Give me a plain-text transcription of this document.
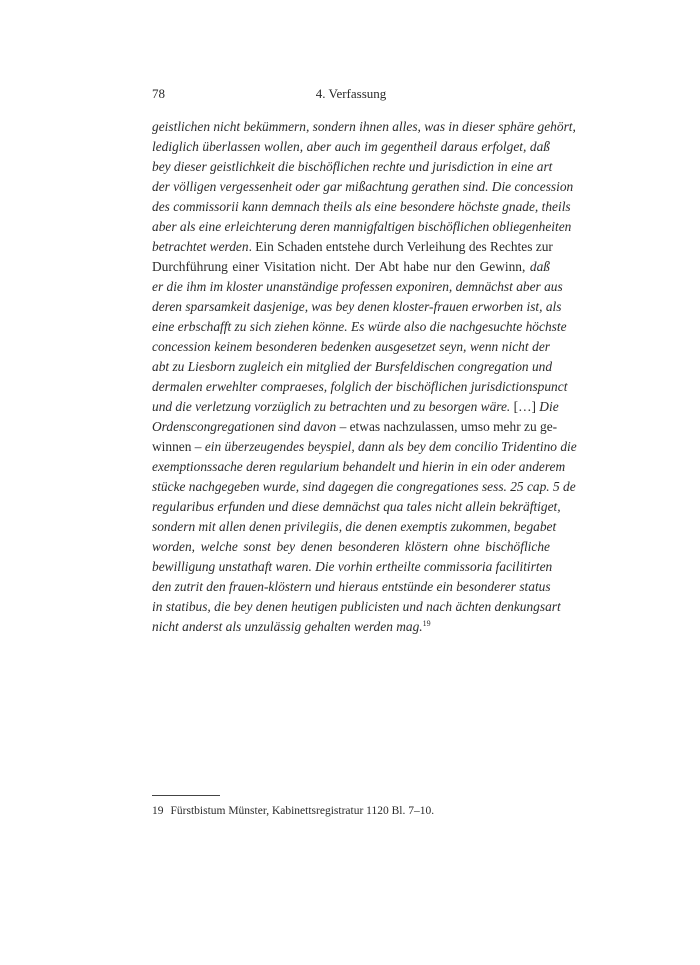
78	4. Verfassung
geistlichen nicht bekümmern, sondern ihnen alles, was in dieser sphäre gehört,
lediglich überlassen wollen, aber auch im gegentheil daraus erfolget, daß
bey dieser geistlichkeit die bischöflichen rechte und jurisdiction in eine art
der völligen vergessenheit oder gar mißachtung gerathen sind. Die concession
des commissorii kann demnach theils als eine besondere höchste gnade, theils
aber als eine erleichterung deren mannigfaltigen bischöflichen obliegenheiten
betrachtet werden. Ein Schaden entstehe durch Verleihung des Rechtes zur
Durchführung einer Visitation nicht. Der Abt habe nur den Gewinn, daß
er die ihm im kloster unanständige professen exponiren, demnächst aber aus
deren sparsamkeit dasjenige, was bey denen kloster-frauen erworben ist, als
eine erbschafft zu sich ziehen könne. Es würde also die nachgesuchte höchste
concession keinem besonderen bedenken ausgesetzet seyn, wenn nicht der
abt zu Liesborn zugleich ein mitglied der Bursfeldischen congregation und
dermalen erwehlter compraeses, folglich der bischöflichen jurisdictionspunct
und die verletzung vorzüglich zu betrachten und zu besorgen wäre. […] Die
Ordenscongregationen sind davon – etwas nachzulassen, umso mehr zu ge-
winnen – ein überzeugendes beyspiel, dann als bey dem concilio Tridentino die
exemptionssache deren regularium behandelt und hierin in ein oder anderem
stücke nachgegeben wurde, sind dagegen die congregationes sess. 25 cap. 5 de
regularibus erfunden und diese demnächst qua tales nicht allein bekräftiget,
sondern mit allen denen privilegiis, die denen exemptis zukommen, begabet
worden, welche sonst bey denen besonderen klöstern ohne bischöfliche
bewilligung unstathaft waren. Die vorhin ertheilte commissoria facilitirten
den zutrit den frauen-klöstern und hieraus entstünde ein besonderer status
in statibus, die bey denen heutigen publicisten und nach ächten denkungsart
nicht anderst als unzulässig gehalten werden mag.$^{19}$
19 Fürstbistum Münster, Kabinettsregistratur 1120 Bl. 7–10.
